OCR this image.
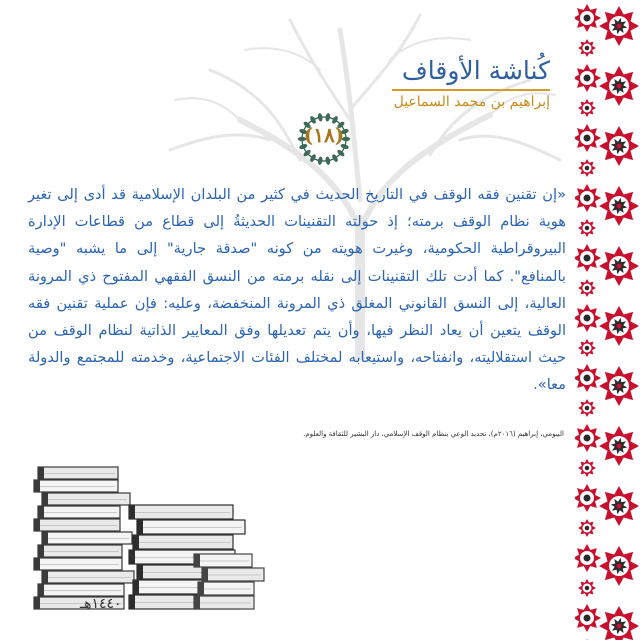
كُناشة الأوقاف
إبراهيم بن محمد السماعيل
(١٨)

«إن تقنين فقه الوقف في التاريخ الحديث في كثير من البلدان الإسلامية قد أدى إلى تغير هوية نظام الوقف برمته؛ إذ حولته التقنينات الحديثةُ إلى قطاع من قطاعات الإدارة البيروقراطية الحكومية، وغيرت هويته من كونه "صدقة جارية" إلى ما يشبه "وصية بالمنافع". كما أدت تلك التقنينات إلى نقله برمته من النسق الفقهي المفتوح ذي المرونة العالية، إلى النسق القانوني المغلق ذي المرونة المنخفضة، وعليه: فإن عملية تقنين فقه الوقف يتعين أن يعاد النظر فيها، وأن يتم تعديلها وفق المعايير الذاتية لنظام الوقف من حيث استقلاليته، وانفتاحه، واستيعابه لمختلف الفئات الاجتماعية، وخدمته للمجتمع والدولة معا».

البيومي، إبراهيم (٢٠١٦م)، تجديد الوعي بنظام الوقف الإسلامي، دار البشير للثقافة والعلوم.
١٤٤٠هـ
